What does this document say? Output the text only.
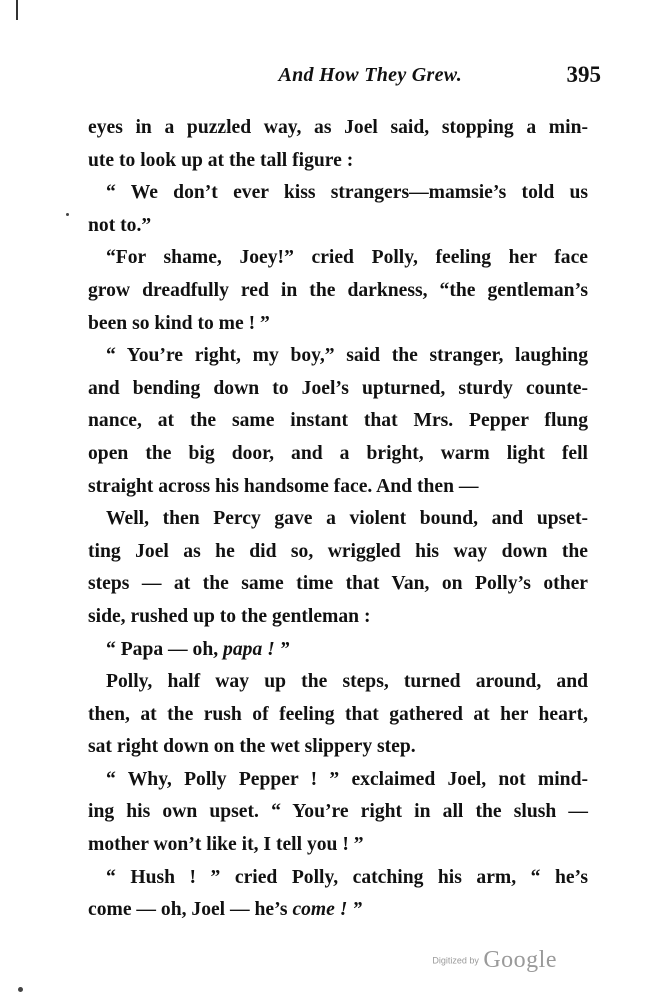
And How They Grew.	395
eyes in a puzzled way, as Joel said, stopping a min-
ute to look up at the tall figure :
“ We don’t ever kiss strangers—mamsie’s told us
not to.”
“For shame, Joey!” cried Polly, feeling her face
grow dreadfully red in the darkness, “the gentleman’s
been so kind to me ! ”
“ You’re right, my boy,” said the stranger, laughing
and bending down to Joel’s upturned, sturdy counte-
nance, at the same instant that Mrs. Pepper flung
open the big door, and a bright, warm light fell
straight across his handsome face. And then —
Well, then Percy gave a violent bound, and upset-
ting Joel as he did so, wriggled his way down the
steps — at the same time that Van, on Polly’s other
side, rushed up to the gentleman :
“ Papa — oh, papa ! ”
Polly, half way up the steps, turned around, and
then, at the rush of feeling that gathered at her heart,
sat right down on the wet slippery step.
“ Why, Polly Pepper ! ” exclaimed Joel, not mind-
ing his own upset. “ You’re right in all the slush —
mother won’t like it, I tell you ! ”
“ Hush ! ” cried Polly, catching his arm, “ he’s
come — oh, Joel — he’s come ! ”
Digitized by Google
